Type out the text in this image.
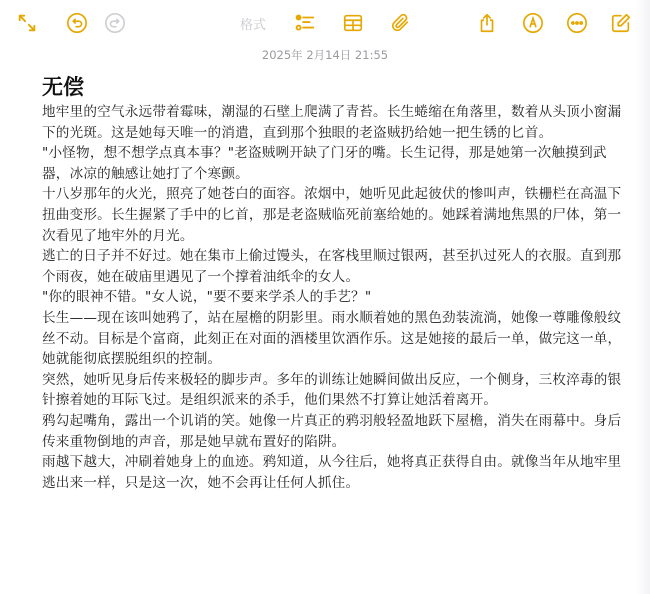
格式
2025年 2月14日 21:55
无偿

地牢里的空气永远带着霉味，潮湿的石壁上爬满了青苔。长生蜷缩在角落里，数着从头顶小窗漏下的光斑。这是她每天唯一的消遣，直到那个独眼的老盗贼扔给她一把生锈的匕首。

"小怪物，想不想学点真本事？"老盗贼咧开缺了门牙的嘴。长生记得，那是她第一次触摸到武器，冰凉的触感让她打了个寒颤。

十八岁那年的火光，照亮了她苍白的面容。浓烟中，她听见此起彼伏的惨叫声，铁栅栏在高温下扭曲变形。长生握紧了手中的匕首，那是老盗贼临死前塞给她的。她踩着满地焦黑的尸体，第一次看见了地牢外的月光。

逃亡的日子并不好过。她在集市上偷过馒头，在客栈里顺过银两，甚至扒过死人的衣服。直到那个雨夜，她在破庙里遇见了一个撑着油纸伞的女人。

"你的眼神不错。"女人说，"要不要来学杀人的手艺？"

长生——现在该叫她鸦了，站在屋檐的阴影里。雨水顺着她的黑色劲装流淌，她像一尊雕像般纹丝不动。目标是个富商，此刻正在对面的酒楼里饮酒作乐。这是她接的最后一单，做完这一单，她就能彻底摆脱组织的控制。

突然，她听见身后传来极轻的脚步声。多年的训练让她瞬间做出反应，一个侧身，三枚淬毒的银针擦着她的耳际飞过。是组织派来的杀手，他们果然不打算让她活着离开。

鸦勾起嘴角，露出一个讥诮的笑。她像一片真正的鸦羽般轻盈地跃下屋檐，消失在雨幕中。身后传来重物倒地的声音，那是她早就布置好的陷阱。

雨越下越大，冲刷着她身上的血迹。鸦知道，从今往后，她将真正获得自由。就像当年从地牢里逃出来一样，只是这一次，她不会再让任何人抓住。
